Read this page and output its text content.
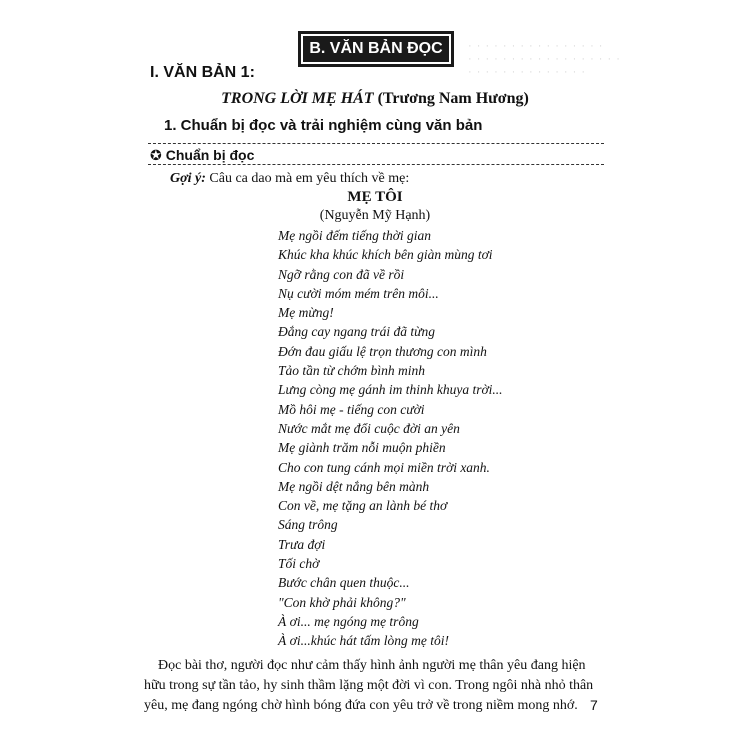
B. VĂN BẢN ĐỌC	· · · · · · · · · · · · · · · ·
· · · · · · · · · · · · · · · · · ·
· · · · · · · · · · · · · ·
I. VĂN BẢN 1:
TRONG LỜI MẸ HÁT (Trương Nam Hương)
1. Chuẩn bị đọc và trải nghiệm cùng văn bản
✪ Chuẩn bị đọc
Gợi ý: Câu ca dao mà em yêu thích về mẹ:
MẸ TÔI
(Nguyễn Mỹ Hạnh)
Mẹ ngồi đếm tiếng thời gian
Khúc kha khúc khích bên giàn mùng tơi
Ngỡ rằng con đã về rồi
Nụ cười móm mém trên môi...
Mẹ mừng!
Đắng cay ngang trái đã từng
Đớn đau giấu lệ trọn thương con mình
Tảo tần từ chớm bình minh
Lưng còng mẹ gánh im thinh khuya trời...
Mồ hôi mẹ - tiếng con cười
Nước mắt mẹ đổi cuộc đời an yên
Mẹ giành trăm nỗi muộn phiền
Cho con tung cánh mọi miền trời xanh.
Mẹ ngồi dệt nắng bên mành
Con về, mẹ tặng an lành bé thơ
Sáng trông
Trưa đợi
Tối chờ
Bước chân quen thuộc...
"Con khờ phải không?"
À ơi... mẹ ngóng mẹ trông
À ơi...khúc hát tấm lòng mẹ tôi!
Đọc bài thơ, người đọc như cảm thấy hình ảnh người mẹ thân yêu đang hiện
hữu trong sự tần tảo, hy sinh thầm lặng một đời vì con. Trong ngôi nhà nhỏ thân
yêu, mẹ đang ngóng chờ hình bóng đứa con yêu trở về trong niềm mong nhớ. 7
